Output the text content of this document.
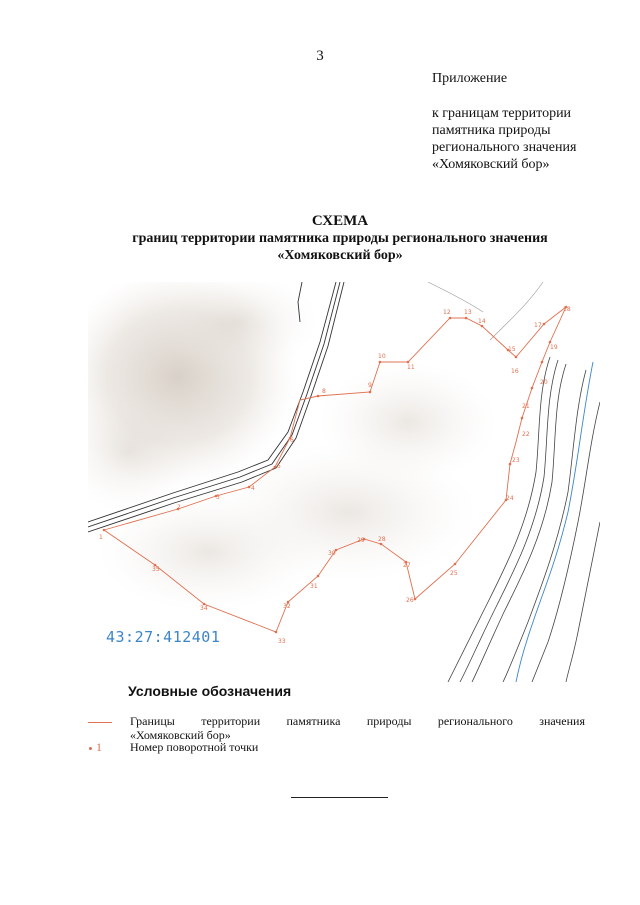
3
Приложение
к границам территории
памятника природы
регионального значения
«Хомяковский бор»
СХЕМА
границ территории памятника природы регионального значения
«Хомяковский бор»
1
2
3
4
5
6
8
9
10
11
12 13
14
15
16
17
18
19
20
21
22
23
24
25
26
27
28
29
30
31
32
33
34
35
43:27:412401
Условные обозначения
Границы территории памятника природы регионального значения
«Хомяковский бор»
1 Номер поворотной точки
